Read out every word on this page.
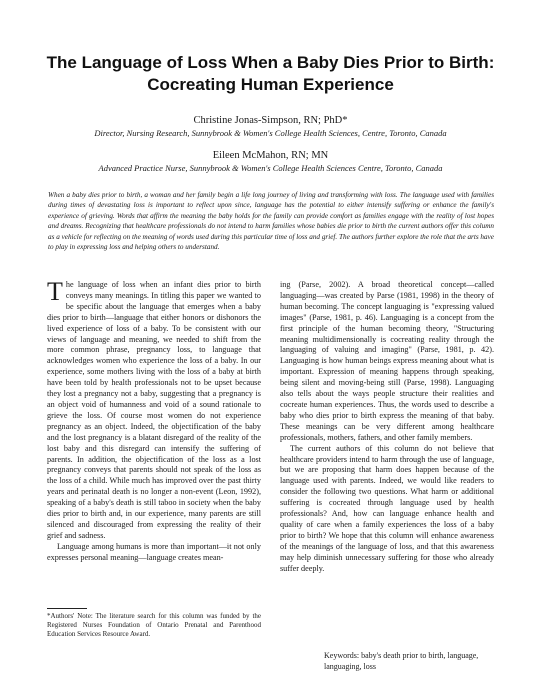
The Language of Loss When a Baby Dies Prior to Birth:
Cocreating Human Experience
Christine Jonas-Simpson, RN; PhD*
Director, Nursing Research, Sunnybrook & Women's College Health Sciences, Centre, Toronto, Canada
Eileen McMahon, RN; MN
Advanced Practice Nurse, Sunnybrook & Women's College Health Sciences Centre, Toronto, Canada
When a baby dies prior to birth, a woman and her family begin a life long journey of living and transforming with loss. The language used with families during times of devastating loss is important to reflect upon since, language has the potential to either intensify suffering or enhance the family's experience of grieving. Words that affirm the meaning the baby holds for the family can provide comfort as families engage with the reality of lost hopes and dreams. Recognizing that healthcare professionals do not intend to harm families whose babies die prior to birth the current authors offer this column as a vehicle for reflecting on the meaning of words used during this particular time of loss and grief. The authors further explore the role that the arts have to play in expressing loss and helping others to understand.

The language of loss when an infant dies prior to birth conveys many meanings. In titling this paper we wanted to be specific about the language that emerges when a baby dies prior to birth—language that either honors or dishonors the lived experience of loss of a baby. To be consistent with our views of language and meaning, we needed to shift from the more common phrase, pregnancy loss, to language that acknowledges women who experience the loss of a baby. In our experience, some mothers living with the loss of a baby at birth have been told by health professionals not to be upset because they lost a pregnancy not a baby, suggesting that a pregnancy is an object void of humanness and void of a sound rationale to grieve the loss. Of course most women do not experience pregnancy as an object. Indeed, the objectification of the baby and the lost pregnancy is a blatant disregard of the reality of the lost baby and this disregard can intensify the suffering of parents. In addition, the objectification of the loss as a lost pregnancy conveys that parents should not speak of the loss as the loss of a child. While much has improved over the past thirty years and perinatal death is no longer a non-event (Leon, 1992), speaking of a baby's death is still taboo in society when the baby dies prior to birth and, in our experience, many parents are still silenced and discouraged from expressing the reality of their grief and sadness.

Language among humans is more than important—it not only expresses personal meaning—language creates mean-

ing (Parse, 2002). A broad theoretical concept—called languaging—was created by Parse (1981, 1998) in the theory of human becoming. The concept languaging is "expressing valued images" (Parse, 1981, p. 46). Languaging is a concept from the first principle of the human becoming theory, "Structuring meaning multidimensionally is cocreating reality through the languaging of valuing and imaging" (Parse, 1981, p. 42). Languaging is how human beings express meaning about what is important. Expression of meaning happens through speaking, being silent and moving-being still (Parse, 1998). Languaging also tells about the ways people structure their realities and cocreate human experiences. Thus, the words used to describe a baby who dies prior to birth express the meaning of that baby. These meanings can be very different among healthcare professionals, mothers, fathers, and other family members.

The current authors of this column do not believe that healthcare providers intend to harm through the use of language, but we are proposing that harm does happen because of the language used with parents. Indeed, we would like readers to consider the following two questions. What harm or additional suffering is cocreated through language used by health professionals? And, how can language enhance health and quality of care when a family experiences the loss of a baby prior to birth? We hope that this column will enhance awareness of the meanings of the language of loss, and that this awareness may help diminish unnecessary suffering for those who already suffer deeply.

*Authors' Note: The literature search for this column was funded by the Registered Nurses Foundation of Ontario Prenatal and Parenthood Education Services Resource Award.
Keywords: baby's death prior to birth, language, languaging, loss
